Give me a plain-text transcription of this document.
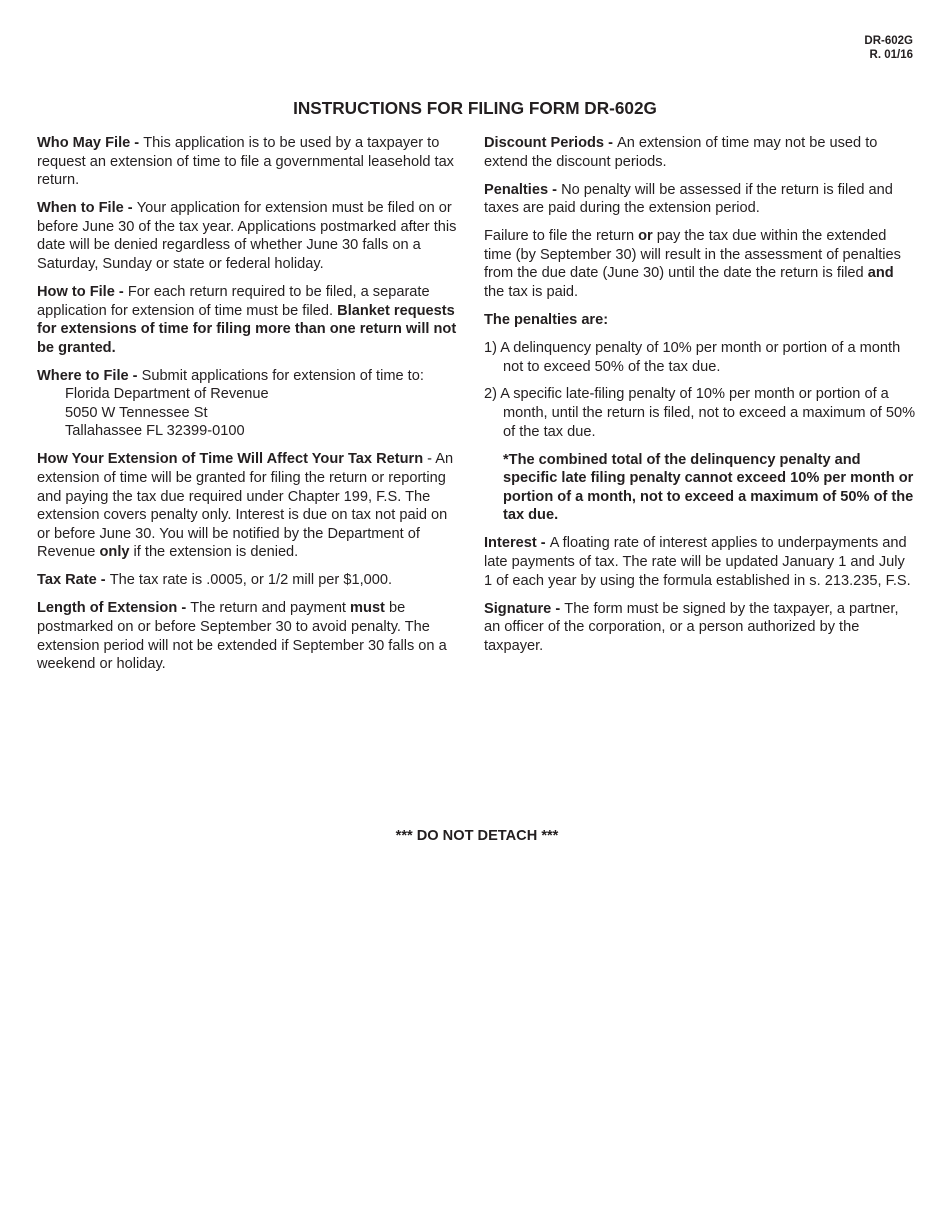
DR-602G
R. 01/16
INSTRUCTIONS FOR FILING FORM DR-602G

Who May File - This application is to be used by a taxpayer to request an extension of time to file a governmental leasehold tax return.

When to File - Your application for extension must be filed on or before June 30 of the tax year. Applications postmarked after this date will be denied regardless of whether June 30 falls on a Saturday, Sunday or state or federal holiday.

How to File - For each return required to be filed, a separate application for extension of time must be filed. Blanket requests for extensions of time for filing more than one return will not be granted.

Where to File - Submit applications for extension of time to:
Florida Department of Revenue
5050 W Tennessee St
Tallahassee FL 32399-0100

How Your Extension of Time Will Affect Your Tax Return - An extension of time will be granted for filing the return or reporting and paying the tax due required under Chapter 199, F.S. The extension covers penalty only. Interest is due on tax not paid on or before June 30. You will be notified by the Department of Revenue only if the extension is denied.

Tax Rate - The tax rate is .0005, or 1/2 mill per $1,000.

Length of Extension - The return and payment must be postmarked on or before September 30 to avoid penalty. The extension period will not be extended if September 30 falls on a weekend or holiday.

Discount Periods - An extension of time may not be used to extend the discount periods.

Penalties - No penalty will be assessed if the return is filed and taxes are paid during the extension period.

Failure to file the return or pay the tax due within the extended time (by September 30) will result in the assessment of penalties from the due date (June 30) until the date the return is filed and the tax is paid.

The penalties are:

1) A delinquency penalty of 10% per month or portion of a month not to exceed 50% of the tax due.
2) A specific late-filing penalty of 10% per month or portion of a month, until the return is filed, not to exceed a maximum of 50% of the tax due.

*The combined total of the delinquency penalty and specific late filing penalty cannot exceed 10% per month or portion of a month, not to exceed a maximum of 50% of the tax due.

Interest - A floating rate of interest applies to underpayments and late payments of tax. The rate will be updated January 1 and July 1 of each year by using the formula established in s. 213.235, F.S.

Signature - The form must be signed by the taxpayer, a partner, an officer of the corporation, or a person authorized by the taxpayer.

*** DO NOT DETACH ***
